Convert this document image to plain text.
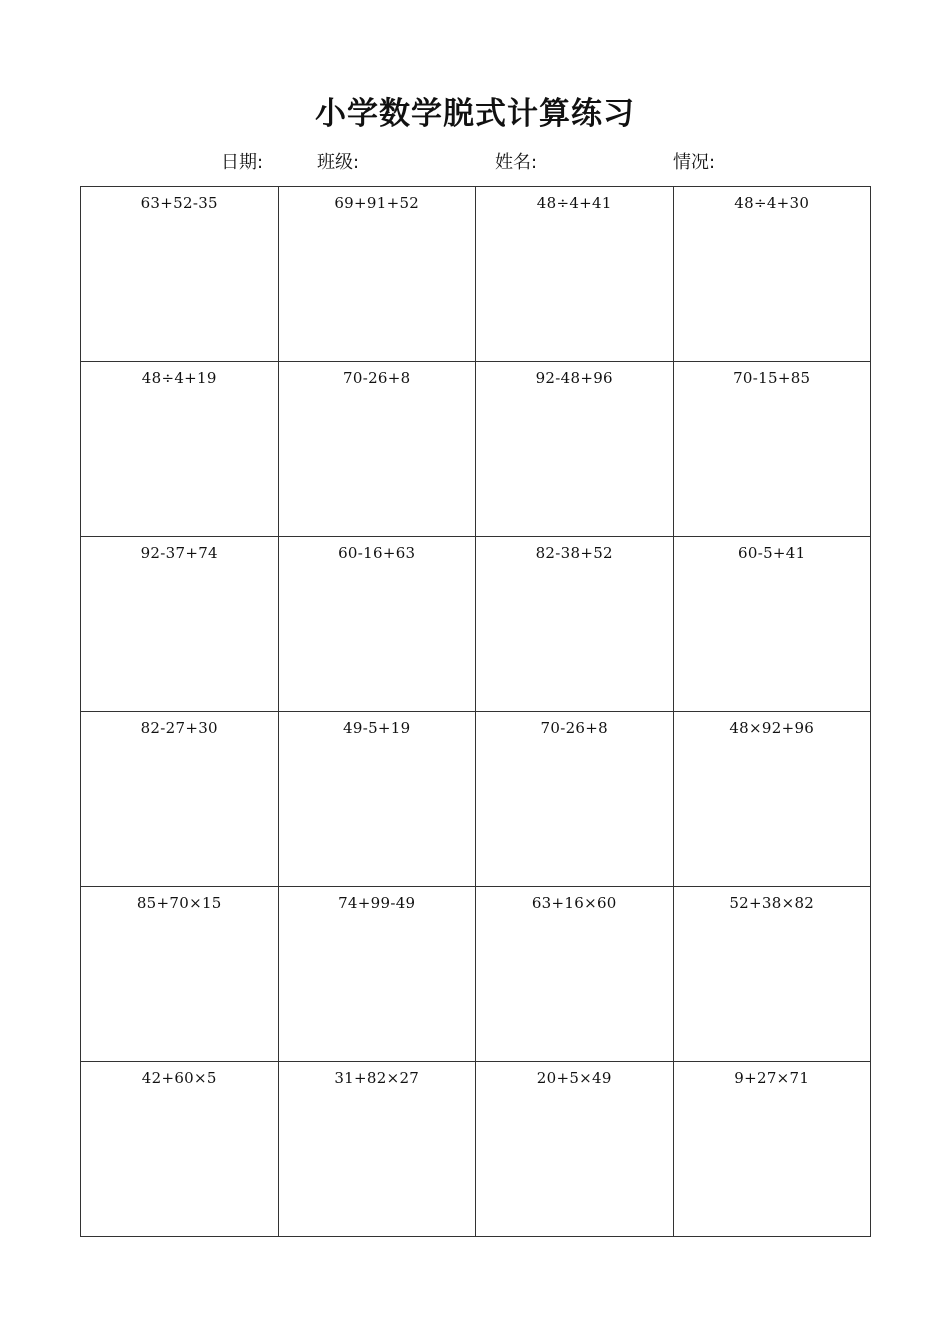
小学数学脱式计算练习
日期:	班级:	姓名:	情况:
63+52-35	69+91+52	48÷4+41	48÷4+30
48÷4+19	70-26+8	92-48+96	70-15+85
92-37+74	60-16+63	82-38+52	60-5+41
82-27+30	49-5+19	70-26+8	48×92+96
85+70×15	74+99-49	63+16×60	52+38×82
42+60×5	31+82×27	20+5×49	9+27×71
